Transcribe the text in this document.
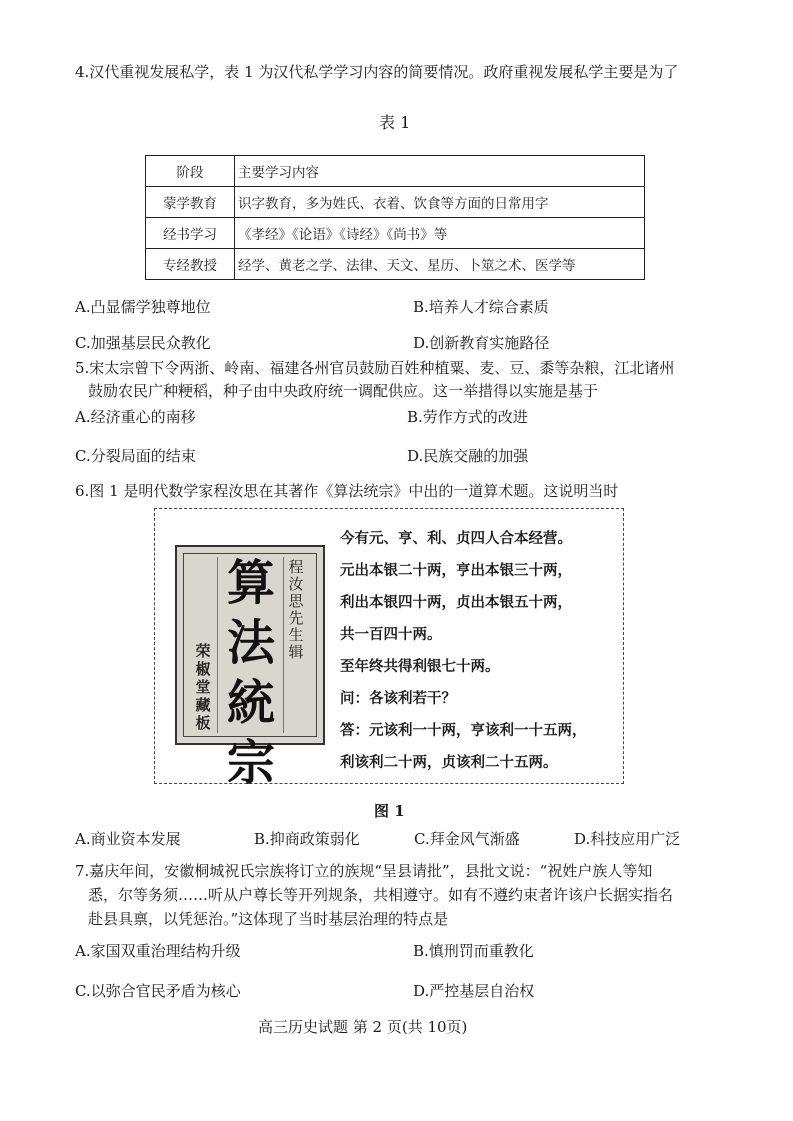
4.汉代重视发展私学，表 1 为汉代私学学习内容的简要情况。政府重视发展私学主要是为了
表 1
阶段	主要学习内容
蒙学教育	识字教育，多为姓氏、衣着、饮食等方面的日常用字
经书学习	《孝经》《论语》《诗经》《尚书》等
专经教授	经学、黄老之学、法律、天文、星历、卜筮之术、医学等
A.凸显儒学独尊地位	B.培养人才综合素质
C.加强基层民众教化	D.创新教育实施路径
5.宋太宗曾下令两浙、岭南、福建各州官员鼓励百姓种植粟、麦、豆、黍等杂粮，江北诸州
鼓励农民广种粳稻，种子由中央政府统一调配供应。这一举措得以实施是基于
A.经济重心的南移	B.劳作方式的改进
C.分裂局面的结束	D.民族交融的加强
6.图 1 是明代数学家程汝思在其著作《算法统宗》中出的一道算术题。这说明当时
算法統宗
程汝思先生辑
荣椒堂藏板
今有元、亨、利、贞四人合本经营。
元出本银二十两，亨出本银三十两，
利出本银四十两，贞出本银五十两，
共一百四十两。
至年终共得利银七十两。
问：各该利若干？
答：元该利一十两，亨该利一十五两，
利该利二十两，贞该利二十五两。
图 1
A.商业资本发展	B.抑商政策弱化	C.拜金风气渐盛	D.科技应用广泛
7.嘉庆年间，安徽桐城祝氏宗族将订立的族规“呈县请批”，县批文说：“祝姓户族人等知
悉，尔等务须……听从户尊长等开列规条，共相遵守。如有不遵约束者许该户长据实指名
赴县具禀，以凭惩治。”这体现了当时基层治理的特点是
A.家国双重治理结构升级	B.慎刑罚而重教化
C.以弥合官民矛盾为核心	D.严控基层自治权
高三历史试题 第 2 页(共 10页)
